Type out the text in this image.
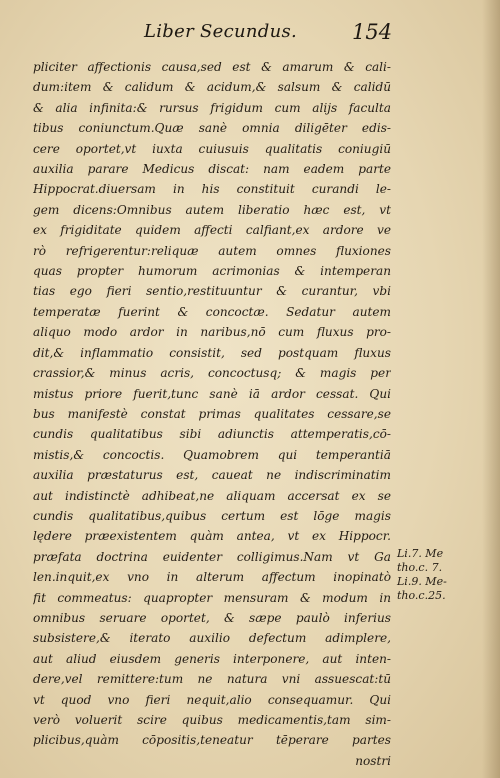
Liber Secundus.	154
pliciter affectionis causa,sed est & amarum & cali-
dum:item & calidum & acidum,& salsum & calidū
& alia infinita:& rursus frigidum cum alijs faculta
tibus coniunctum.Quæ sanè omnia diligēter edis-
cere oportet,vt iuxta cuiusuis qualitatis coniugiū
auxilia parare Medicus discat: nam eadem parte
Hippocrat.diuersam in his constituit curandi le-
gem dicens:Omnibus autem liberatio hæc est, vt
ex frigiditate quidem affecti calfiant,ex ardore ve
rò refrigerentur:reliquæ autem omnes fluxiones
quas propter humorum acrimonias & intemperan
tias ego fieri sentio,restituuntur & curantur, vbi
temperatæ fuerint & concoctæ. Sedatur autem
aliquo modo ardor in naribus,nō cum fluxus pro-
dit,& inflammatio consistit, sed postquam fluxus
crassior,& minus acris, concoctusq; & magis per
mistus priore fuerit,tunc sanè iā ardor cessat. Qui
bus manifestè constat primas qualitates cessare,se
cundis qualitatibus sibi adiunctis attemperatis,cō-
mistis,& concoctis. Quamobrem qui temperantiā
auxilia præstaturus est, caueat ne indiscriminatim
aut indistinctè adhibeat,ne aliquam accersat ex se
cundis qualitatibus,quibus certum est lōge magis
lędere præexistentem quàm antea, vt ex Hippocr.
præfata doctrina euidenter colligimus.Nam vt Ga
len.inquit,ex vno in alterum affectum inopinatò
fit commeatus: quapropter mensuram & modum in
omnibus seruare oportet, & sæpe paulò inferius
subsistere,& iterato auxilio defectum adimplere,
aut aliud eiusdem generis interponere, aut inten-
dere,vel remittere:tum ne natura vni assuescat:tū
vt quod vno fieri nequit,alio consequamur. Qui
verò voluerit scire quibus medicamentis,tam sim-
plicibus,quàm cōpositis,teneatur tēperare partes
nostri
Li.7. Me
tho.c. 7.
Li.9. Me-
tho.c.25.
